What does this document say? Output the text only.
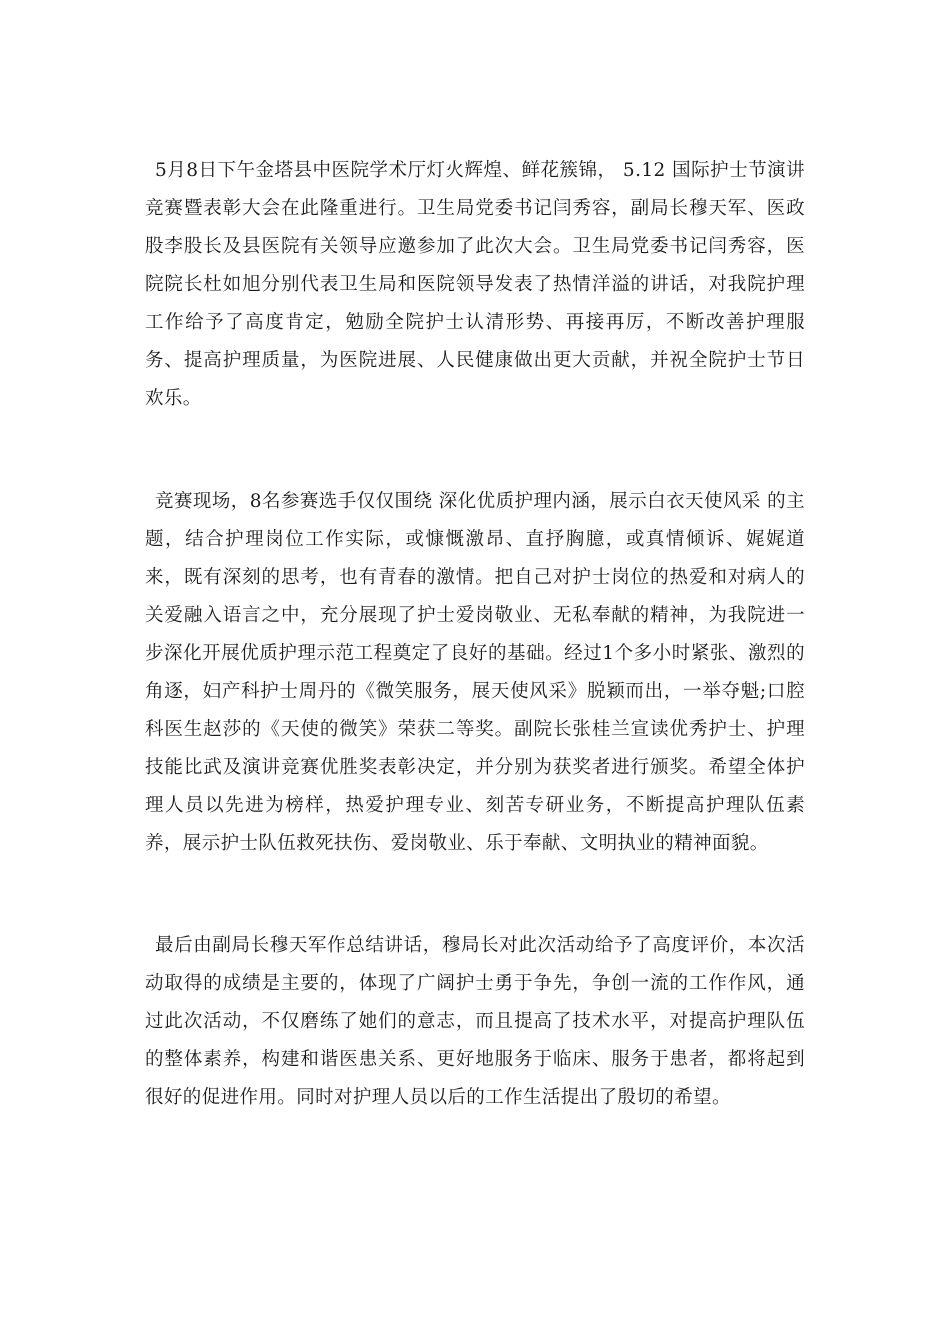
5月8日下午金塔县中医院学术厅灯火辉煌、鲜花簇锦， 5.12 国际护士节演讲竞赛暨表彰大会在此隆重进行。卫生局党委书记闫秀容，副局长穆天军、医政股李股长及县医院有关领导应邀参加了此次大会。卫生局党委书记闫秀容，医院院长杜如旭分别代表卫生局和医院领导发表了热情洋溢的讲话，对我院护理工作给予了高度肯定，勉励全院护士认清形势、再接再厉，不断改善护理服务、提高护理质量，为医院进展、人民健康做出更大贡献，并祝全院护士节日欢乐。

竞赛现场，8名参赛选手仅仅围绕 深化优质护理内涵，展示白衣天使风采 的主题，结合护理岗位工作实际，或慷慨激昂、直抒胸臆，或真情倾诉、娓娓道来，既有深刻的思考，也有青春的激情。把自己对护士岗位的热爱和对病人的关爱融入语言之中，充分展现了护士爱岗敬业、无私奉献的精神，为我院进一步深化开展优质护理示范工程奠定了良好的基础。经过1个多小时紧张、激烈的角逐，妇产科护士周丹的《微笑服务，展天使风采》脱颖而出，一举夺魁;口腔科医生赵莎的《天使的微笑》荣获二等奖。副院长张桂兰宣读优秀护士、护理技能比武及演讲竞赛优胜奖表彰决定，并分别为获奖者进行颁奖。希望全体护理人员以先进为榜样，热爱护理专业、刻苦专研业务，不断提高护理队伍素养，展示护士队伍救死扶伤、爱岗敬业、乐于奉献、文明执业的精神面貌。

最后由副局长穆天军作总结讲话，穆局长对此次活动给予了高度评价，本次活动取得的成绩是主要的，体现了广阔护士勇于争先，争创一流的工作作风，通过此次活动，不仅磨练了她们的意志，而且提高了技术水平，对提高护理队伍的整体素养，构建和谐医患关系、更好地服务于临床、服务于患者，都将起到很好的促进作用。同时对护理人员以后的工作生活提出了殷切的希望。
